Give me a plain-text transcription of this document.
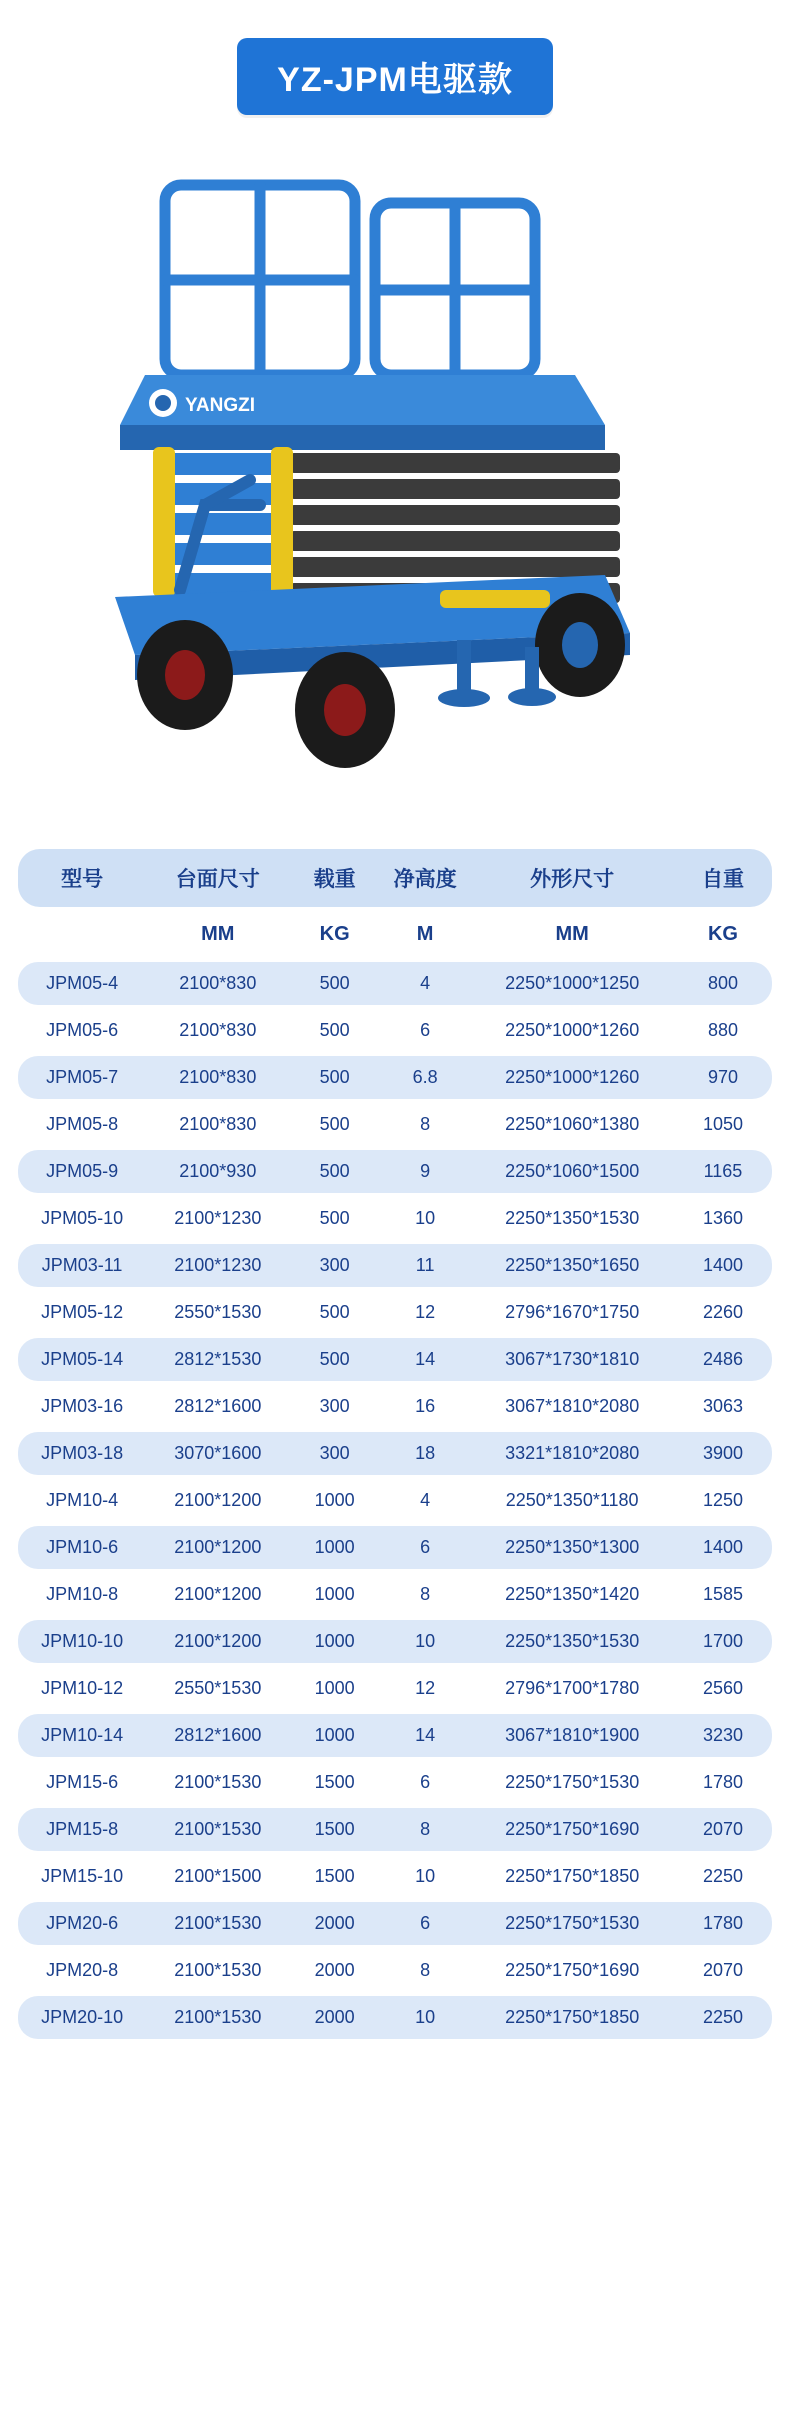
YZ-JPM电驱款
YANGZI
型号	台面尺寸	载重	净高度	外形尺寸	自重
	MM	KG	M	MM	KG
JPM05-4	2100*830	500	4	2250*1000*1250	800
JPM05-6	2100*830	500	6	2250*1000*1260	880
JPM05-7	2100*830	500	6.8	2250*1000*1260	970
JPM05-8	2100*830	500	8	2250*1060*1380	1050
JPM05-9	2100*930	500	9	2250*1060*1500	1165
JPM05-10	2100*1230	500	10	2250*1350*1530	1360
JPM03-11	2100*1230	300	11	2250*1350*1650	1400
JPM05-12	2550*1530	500	12	2796*1670*1750	2260
JPM05-14	2812*1530	500	14	3067*1730*1810	2486
JPM03-16	2812*1600	300	16	3067*1810*2080	3063
JPM03-18	3070*1600	300	18	3321*1810*2080	3900
JPM10-4	2100*1200	1000	4	2250*1350*1180	1250
JPM10-6	2100*1200	1000	6	2250*1350*1300	1400
JPM10-8	2100*1200	1000	8	2250*1350*1420	1585
JPM10-10	2100*1200	1000	10	2250*1350*1530	1700
JPM10-12	2550*1530	1000	12	2796*1700*1780	2560
JPM10-14	2812*1600	1000	14	3067*1810*1900	3230
JPM15-6	2100*1530	1500	6	2250*1750*1530	1780
JPM15-8	2100*1530	1500	8	2250*1750*1690	2070
JPM15-10	2100*1500	1500	10	2250*1750*1850	2250
JPM20-6	2100*1530	2000	6	2250*1750*1530	1780
JPM20-8	2100*1530	2000	8	2250*1750*1690	2070
JPM20-10	2100*1530	2000	10	2250*1750*1850	2250
